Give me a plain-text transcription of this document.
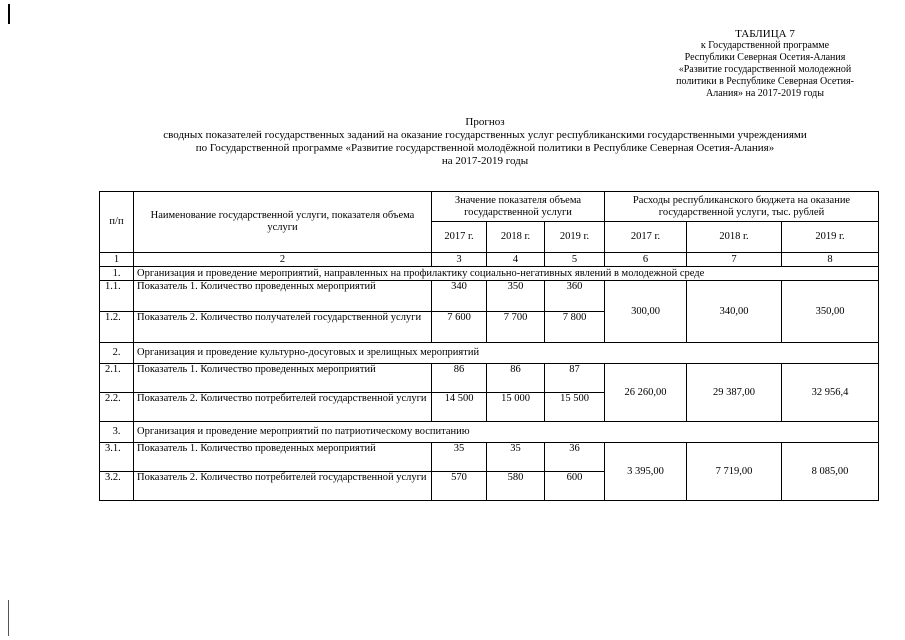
ТАБЛИЦА 7
к Государственной программе
Республики Северная Осетия-Алания
«Развитие государственной молодежной
политики в Республике Северная Осетия-
Алания» на 2017-2019 годы
Прогноз
сводных показателей государственных заданий на оказание государственных услуг республиканскими государственными учреждениями
по Государственной программе «Развитие государственной молодёжной политики в Республике Северная Осетия-Алания»
на 2017-2019 годы
п/п	Наименование государственной услуги, показателя объема услуги	Значение показателя объема государственной услуги			Расходы республиканского бюджета на оказание государственной услуги, тыс. рублей		
		2017 г.	2018 г.	2019 г.	2017 г.	2018 г.	2019 г.
1	2	3	4	5	6	7	8
1.	Организация и проведение мероприятий, направленных на профилактику социально-негативных явлений в молодежной среде						
1.1.	Показатель 1. Количество проведенных мероприятий	340	350	360	300,00	340,00	350,00
1.2.	Показатель 2. Количество получателей государственной услуги	7 600	7 700	7 800			
2.	Организация и проведение культурно-досуговых и зрелищных мероприятий						
2.1.	Показатель 1. Количество проведенных мероприятий	86	86	87	26 260,00	29 387,00	32 956,4
2.2.	Показатель 2. Количество потребителей государственной услуги	14 500	15 000	15 500			
3.	Организация и проведение мероприятий по патриотическому воспитанию						
3.1.	Показатель 1. Количество проведенных мероприятий	35	35	36	3 395,00	7 719,00	8 085,00
3.2.	Показатель 2. Количество потребителей государственной услуги	570	580	600			
